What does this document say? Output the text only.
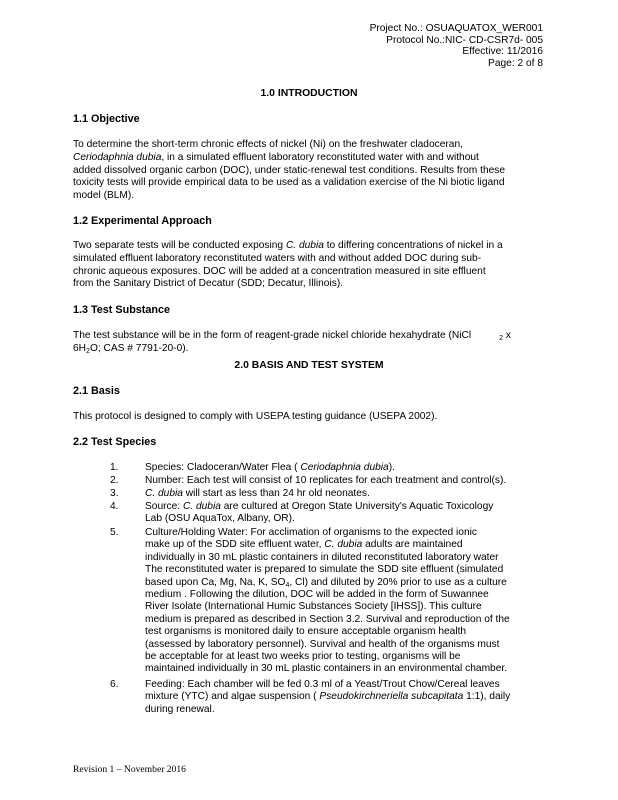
Project No.: OSUAQUATOX_WER001
Protocol No.:NIC- CD-CSR7d- 005
Effective: 11/2016
Page: 2 of 8
1.0 INTRODUCTION
1.1 Objective
To determine the short-term chronic effects of nickel (Ni) on the freshwater cladoceran,
Ceriodaphnia dubia, in a simulated effluent laboratory reconstituted water with and without
added dissolved organic carbon (DOC), under static-renewal test conditions. Results from these
toxicity tests will provide empirical data to be used as a validation exercise of the Ni biotic ligand
model (BLM).
1.2 Experimental Approach
Two separate tests will be conducted exposing C. dubia to differing concentrations of nickel in a
simulated effluent laboratory reconstituted waters with and without added DOC during sub-
chronic aqueous exposures. DOC will be added at a concentration measured in site effluent
from the Sanitary District of Decatur (SDD; Decatur, Illinois).
1.3 Test Substance
The test substance will be in the form of reagent-grade nickel chloride hexahydrate (NiCl	$_2$ x
$6H_2O$; CAS # 7791-20-0).
2.0 BASIS AND TEST SYSTEM
2.1 Basis
This protocol is designed to comply with USEPA testing guidance (USEPA 2002).
2.2 Test Species
1.	Species: Cladoceran/Water Flea ( Ceriodaphnia dubia).
2.	Number: Each test will consist of 10 replicates for each treatment and control(s).
3.	C. dubia will start as less than 24 hr old neonates.
4.	Source: C. dubia are cultured at Oregon State University's Aquatic Toxicology
Lab (OSU AquaTox, Albany, OR).
5.	Culture/Holding Water: For acclimation of organisms to the expected ionic
make up of the SDD site effluent water, C. dubia adults are maintained
individually in 30 mL plastic containers in diluted reconstituted laboratory water
The reconstituted water is prepared to simulate the SDD site effluent (simulated
based upon Ca, Mg, Na, K, $SO_4$, Cl) and diluted by 20% prior to use as a culture
medium . Following the dilution, DOC will be added in the form of Suwannee
River Isolate (International Humic Substances Society [IHSS]). This culture
medium is prepared as described in Section 3.2. Survival and reproduction of the
test organisms is monitored daily to ensure acceptable organism health
(assessed by laboratory personnel). Survival and health of the organisms must
be acceptable for at least two weeks prior to testing, organisms will be
maintained individually in 30 mL plastic containers in an environmental chamber.
6.	Feeding: Each chamber will be fed 0.3 ml of a Yeast/Trout Chow/Cereal leaves
mixture (YTC) and algae suspension ( Pseudokirchneriella subcapitata 1:1), daily
during renewal.
Revision 1 – November 2016
